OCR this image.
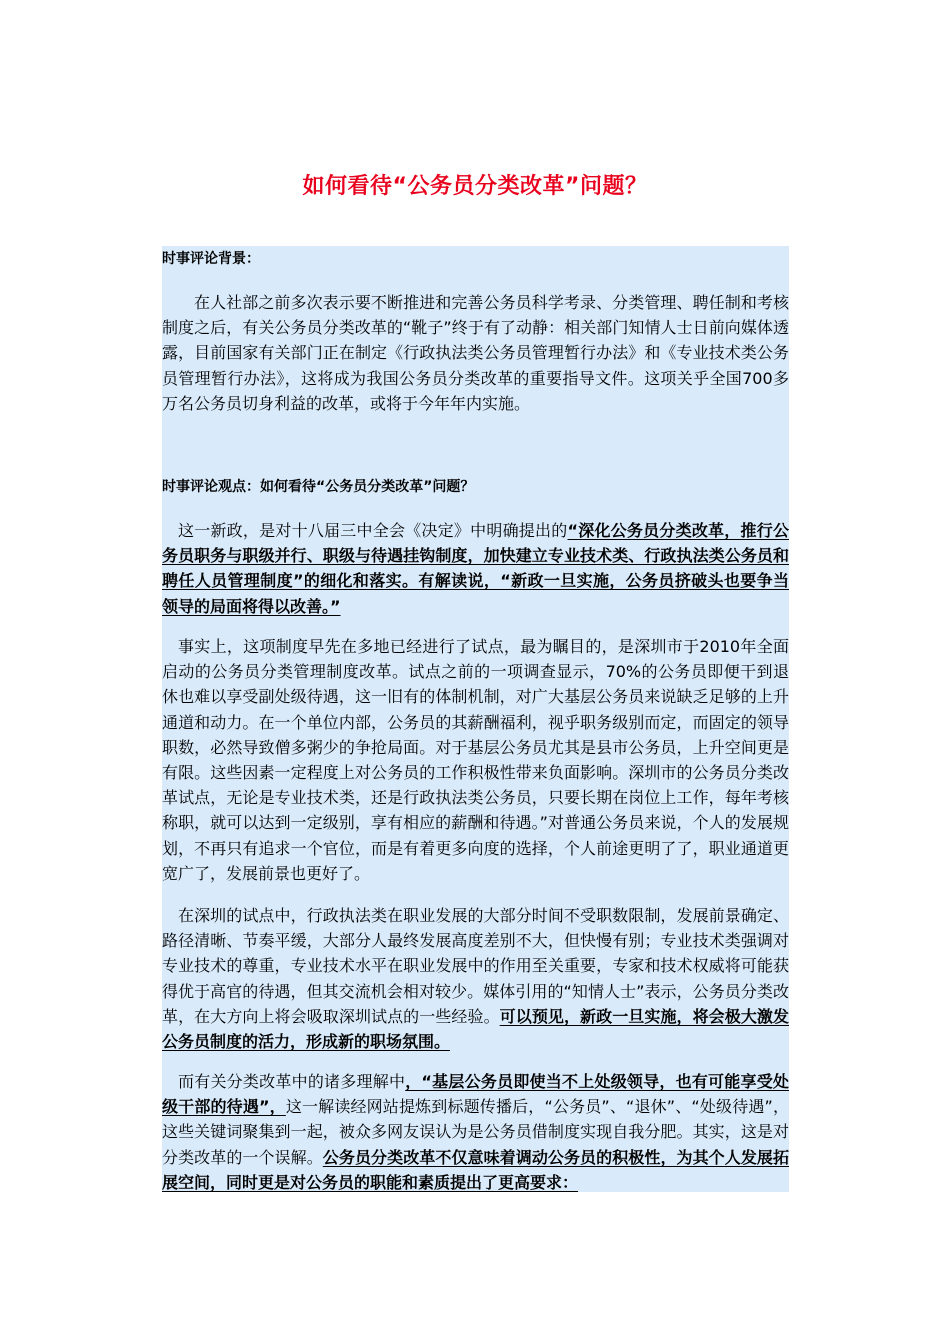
如何看待“公务员分类改革”问题？
时事评论背景：

在人社部之前多次表示要不断推进和完善公务员科学考录、分类管理、聘任制和考核制度之后，有关公务员分类改革的“靴子”终于有了动静：相关部门知情人士日前向媒体透露，目前国家有关部门正在制定《行政执法类公务员管理暂行办法》和《专业技术类公务员管理暂行办法》，这将成为我国公务员分类改革的重要指导文件。这项关乎全国700多万名公务员切身利益的改革，或将于今年年内实施。

时事评论观点：如何看待“公务员分类改革”问题？

这一新政，是对十八届三中全会《决定》中明确提出的“深化公务员分类改革，推行公务员职务与职级并行、职级与待遇挂钩制度，加快建立专业技术类、行政执法类公务员和聘任人员管理制度”的细化和落实。有解读说，“新政一旦实施，公务员挤破头也要争当领导的局面将得以改善。”

事实上，这项制度早先在多地已经进行了试点，最为瞩目的，是深圳市于2010年全面启动的公务员分类管理制度改革。试点之前的一项调查显示，70%的公务员即便干到退休也难以享受副处级待遇，这一旧有的体制机制，对广大基层公务员来说缺乏足够的上升通道和动力。在一个单位内部，公务员的其薪酬福利，视乎职务级别而定，而固定的领导职数，必然导致僧多粥少的争抢局面。对于基层公务员尤其是县市公务员，上升空间更是有限。这些因素一定程度上对公务员的工作积极性带来负面影响。深圳市的公务员分类改革试点，无论是专业技术类，还是行政执法类公务员，只要长期在岗位上工作，每年考核称职，就可以达到一定级别，享有相应的薪酬和待遇。”对普通公务员来说，个人的发展规划，不再只有追求一个官位，而是有着更多向度的选择，个人前途更明了了，职业通道更宽广了，发展前景也更好了。

在深圳的试点中，行政执法类在职业发展的大部分时间不受职数限制，发展前景确定、路径清晰、节奏平缓，大部分人最终发展高度差别不大，但快慢有别；专业技术类强调对专业技术的尊重，专业技术水平在职业发展中的作用至关重要，专家和技术权威将可能获得优于高官的待遇，但其交流机会相对较少。媒体引用的“知情人士”表示，公务员分类改革，在大方向上将会吸取深圳试点的一些经验。可以预见，新政一旦实施，将会极大激发公务员制度的活力，形成新的职场氛围。

而有关分类改革中的诸多理解中，“基层公务员即使当不上处级领导，也有可能享受处级干部的待遇”，这一解读经网站提炼到标题传播后，“公务员”、“退休”、“处级待遇”，这些关键词聚集到一起，被众多网友误认为是公务员借制度实现自我分肥。其实，这是对分类改革的一个误解。公务员分类改革不仅意味着调动公务员的积极性，为其个人发展拓展空间，同时更是对公务员的职能和素质提出了更高要求：
